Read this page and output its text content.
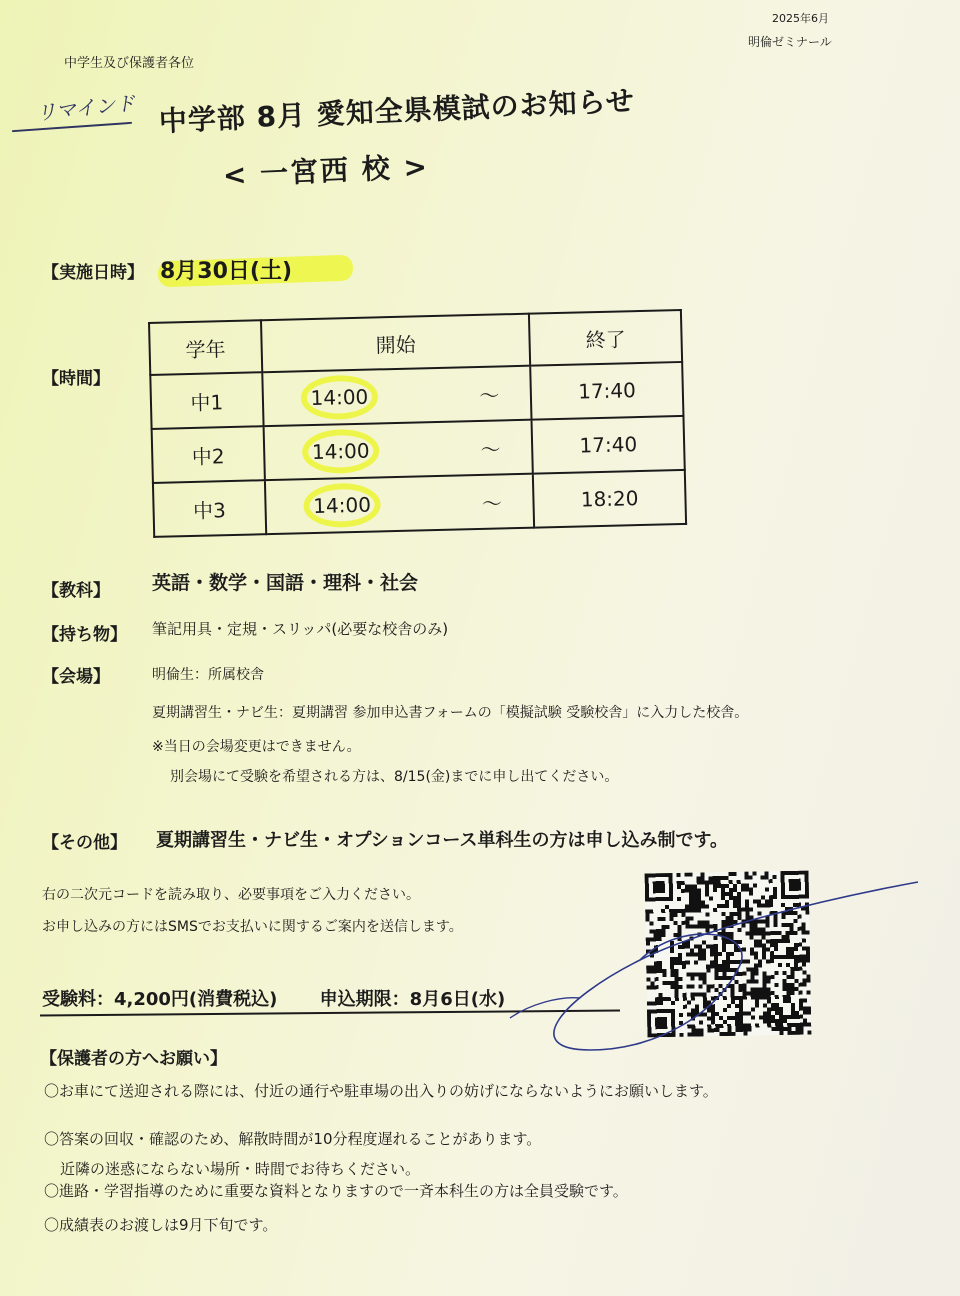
2025年6月
明倫ゼミナール
中学生及び保護者各位
リマインド 中学部 8月 愛知全県模試のお知らせ
< 一宮西 校 >
【実施日時】 8月30日(土)
【時間】
学年	開始	終了
中1	14:00 ～	17:40
中2	14:00 ～	17:40
中3	14:00 ～	18:20
【教科】 英語・数学・国語・理科・社会
【持ち物】 筆記用具・定規・スリッパ(必要な校舎のみ)
【会場】	明倫生：所属校舎
夏期講習生・ナビ生：夏期講習 参加申込書フォームの「模擬試験 受験校舎」に入力した校舎。
※当日の会場変更はできません。
別会場にて受験を希望される方は、8/15(金)までに申し出てください。
【その他】 夏期講習生・ナビ生・オプションコース単科生の方は申し込み制です。
右の二次元コードを読み取り、必要事項をご入力ください。
お申し込みの方にはSMSでお支払いに関するご案内を送信します。
受験料：4,200円(消費税込) 申込期限：8月6日(水)
【保護者の方へお願い】
〇お車にて送迎される際には、付近の通行や駐車場の出入りの妨げにならないようにお願いします。
〇答案の回収・確認のため、解散時間が10分程度遅れることがあります。
近隣の迷惑にならない場所・時間でお待ちください。
〇進路・学習指導のために重要な資料となりますので一斉本科生の方は全員受験です。
〇成績表のお渡しは9月下旬です。
